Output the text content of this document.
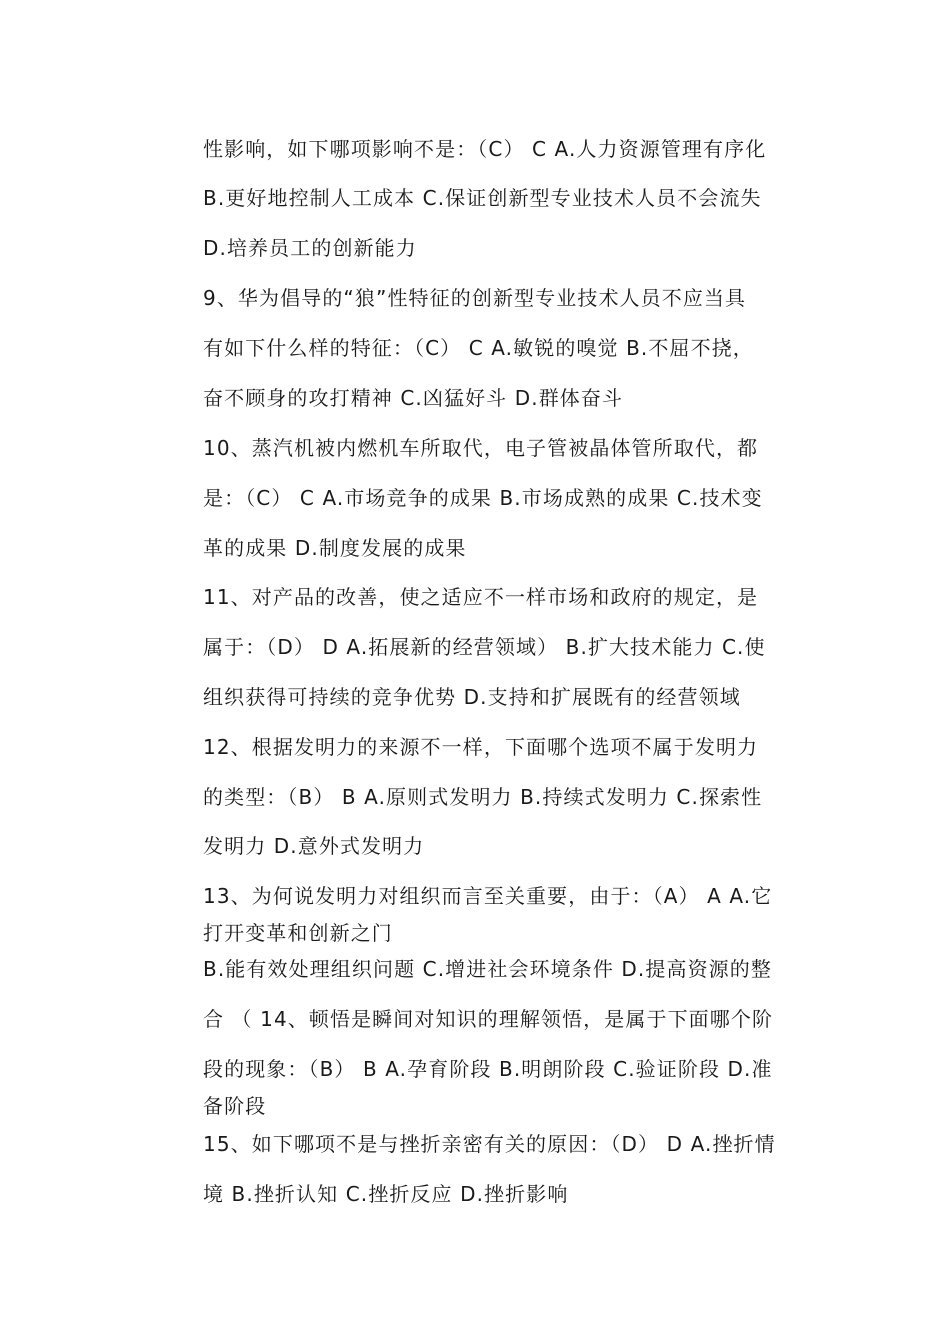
性影响，如下哪项影响不是：（C） C A.人力资源管理有序化
B.更好地控制人工成本 C.保证创新型专业技术人员不会流失
D.培养员工的创新能力
9、华为倡导的“狼”性特征的创新型专业技术人员不应当具
有如下什么样的特征：（C） C A.敏锐的嗅觉 B.不屈不挠，
奋不顾身的攻打精神 C.凶猛好斗 D.群体奋斗
10、蒸汽机被内燃机车所取代，电子管被晶体管所取代，都
是：（C） C A.市场竞争的成果 B.市场成熟的成果 C.技术变
革的成果 D.制度发展的成果
11、对产品的改善，使之适应不一样市场和政府的规定，是
属于：（D） D A.拓展新的经营领域） B.扩大技术能力 C.使
组织获得可持续的竞争优势 D.支持和扩展既有的经营领域
12、根据发明力的来源不一样，下面哪个选项不属于发明力
的类型：（B） B A.原则式发明力 B.持续式发明力 C.探索性
发明力 D.意外式发明力
13、为何说发明力对组织而言至关重要，由于：（A） A A.它
打开变革和创新之门
B.能有效处理组织问题 C.增进社会环境条件 D.提高资源的整
合 （ 14、顿悟是瞬间对知识的理解领悟，是属于下面哪个阶
段的现象：（B） B A.孕育阶段 B.明朗阶段 C.验证阶段 D.准
备阶段
15、如下哪项不是与挫折亲密有关的原因：（D） D A.挫折情
境 B.挫折认知 C.挫折反应 D.挫折影响
